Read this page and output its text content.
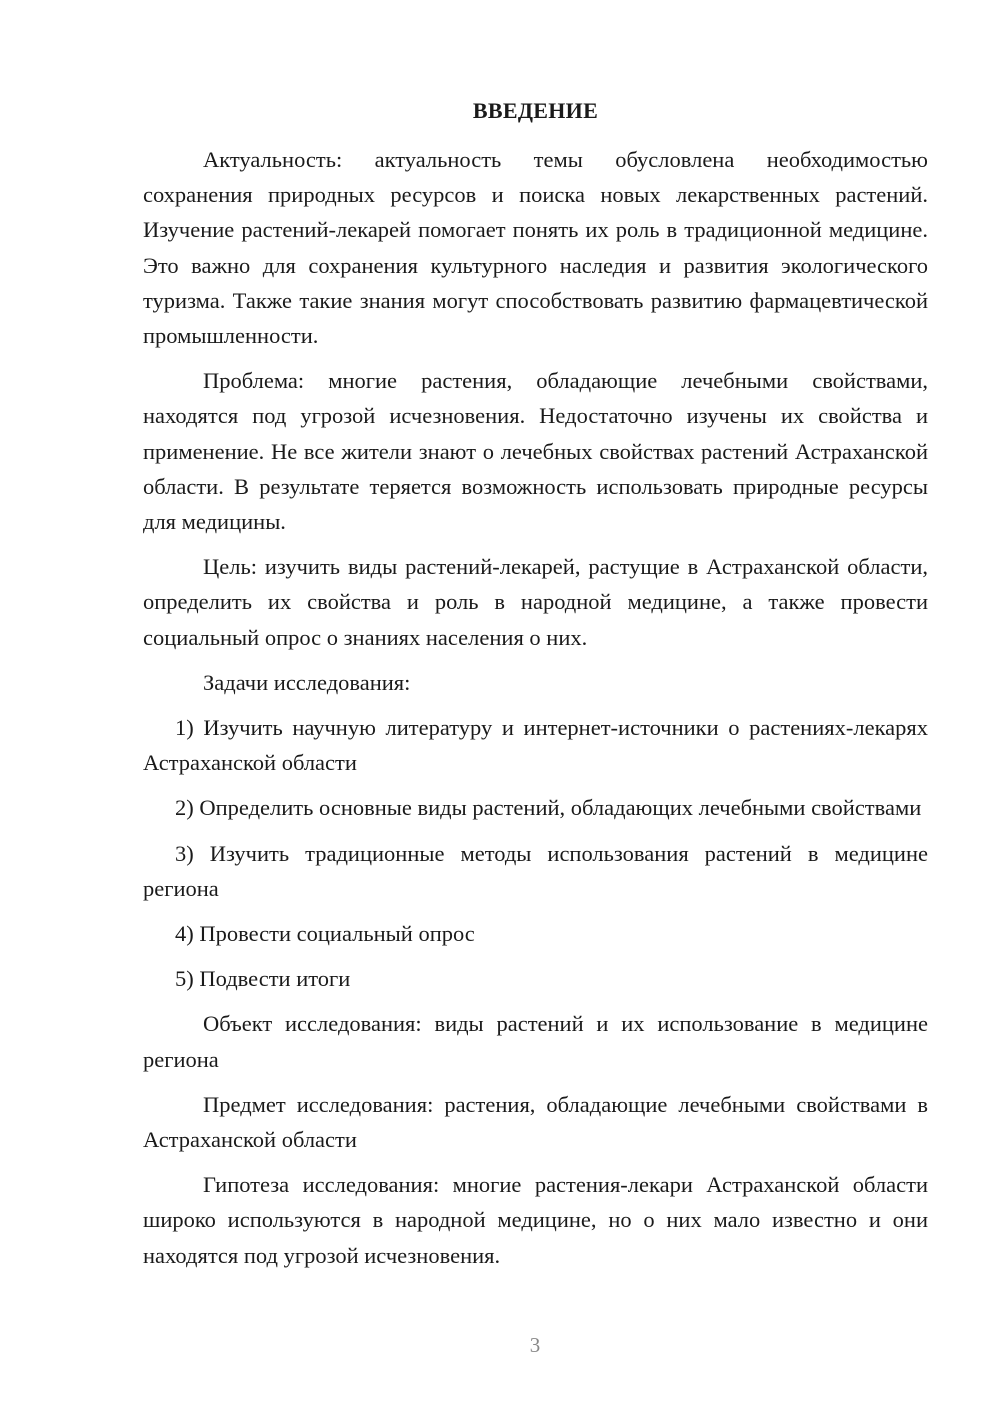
ВВЕДЕНИЕ

Актуальность: актуальность темы обусловлена необходимостью сохранения природных ресурсов и поиска новых лекарственных растений. Изучение растений-лекарей помогает понять их роль в традиционной медицине. Это важно для сохранения культурного наследия и развития экологического туризма. Также такие знания могут способствовать развитию фармацевтической промышленности.

Проблема: многие растения, обладающие лечебными свойствами, находятся под угрозой исчезновения. Недостаточно изучены их свойства и применение. Не все жители знают о лечебных свойствах растений Астраханской области. В результате теряется возможность использовать природные ресурсы для медицины.

Цель: изучить виды растений-лекарей, растущие в Астраханской области, определить их свойства и роль в народной медицине, а также провести социальный опрос о знаниях населения о них.

Задачи исследования:

1) Изучить научную литературу и интернет-источники о растениях-лекарях Астраханской области

2) Определить основные виды растений, обладающих лечебными свойствами

3) Изучить традиционные методы использования растений в медицине региона

4) Провести социальный опрос

5) Подвести итоги

Объект исследования: виды растений и их использование в медицине региона

Предмет исследования: растения, обладающие лечебными свойствами в Астраханской области

Гипотеза исследования: многие растения-лекари Астраханской области широко используются в народной медицине, но о них мало известно и они находятся под угрозой исчезновения.

3
